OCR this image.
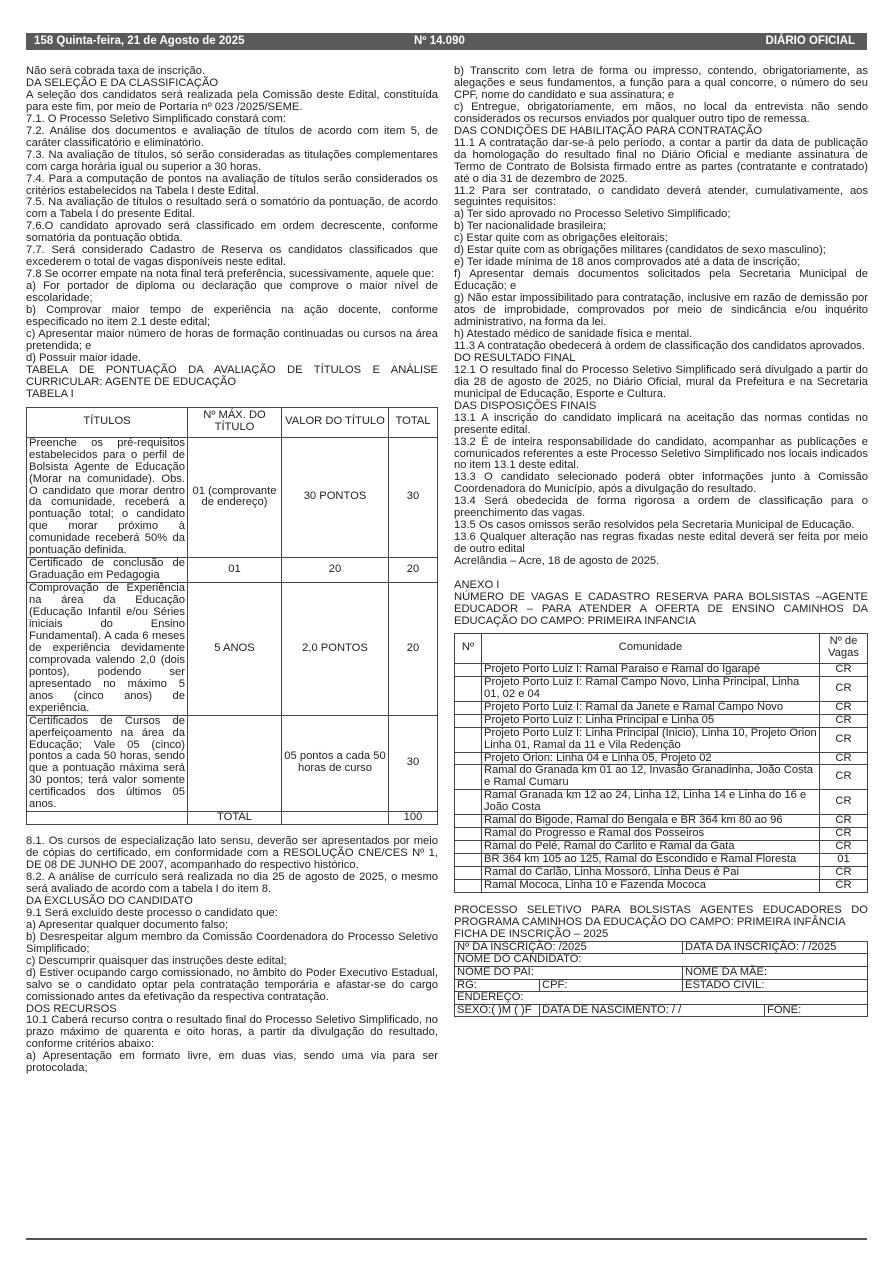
158 Quinta-feira, 21 de Agosto de 2025	Nº 14.090	DIÁRIO OFICIAL
Não será cobrada taxa de inscrição.
DA SELEÇÃO E DA CLASSIFICAÇÃO
A seleção dos candidatos será realizada pela Comissão deste Edital, constituída para este fim, por meio de Portaria nº 023 /2025/SEME.
7.1. O Processo Seletivo Simplificado constará com:
7.2. Análise dos documentos e avaliação de títulos de acordo com item 5, de caráter classificatório e eliminatório.
7.3. Na avaliação de títulos, só serão consideradas as titulações complementares com carga horária igual ou superior a 30 horas.
7.4. Para a computação de pontos na avaliação de títulos serão considerados os critérios estabelecidos na Tabela I deste Edital.
7.5. Na avaliação de títulos o resultado será o somatório da pontuação, de acordo com a Tabela I do presente Edital.
7.6.O candidato aprovado será classificado em ordem decrescente, conforme somatória da pontuação obtida.
7.7. Será considerado Cadastro de Reserva os candidatos classificados que excederem o total de vagas disponíveis neste edital.
7.8 Se ocorrer empate na nota final terá preferência, sucessivamente, aquele que:
a) For portador de diploma ou declaração que comprove o maior nível de escolaridade;
b) Comprovar maior tempo de experiência na ação docente, conforme especificado no item 2.1 deste edital;
c) Apresentar maior número de horas de formação continuadas ou cursos na área pretendida; e
d) Possuir maior idade.
TABELA DE PONTUAÇÃO DA AVALIAÇÃO DE TÍTULOS E ANÁLISE CURRICULAR: AGENTE DE EDUCAÇÃO
TABELA I
TÍTULOS	Nº MÁX. DO TÍTULO	VALOR DO TÍTULO	TOTAL
Preenche os pré-requisitos estabelecidos para o perfil de Bolsista Agente de Educação (Morar na comunidade). Obs. O candidato que morar dentro da comunidade, receberá a pontuação total; o candidato que morar próximo à comunidade receberá 50% da pontuação definida.	01 (comprovante de endereço)	30 PONTOS	30
Certificado de conclusão de Graduação em Pedagogia	01	20	20
Comprovação de Experiência na área da Educação (Educação Infantil e/ou Séries iniciais do Ensino Fundamental). A cada 6 meses de experiência devidamente comprovada valendo 2,0 (dois pontos), podendo ser apresentado no máximo 5 anos (cinco anos) de experiência.	5 ANOS	2,0 PONTOS	20
Certificados de Cursos de aperfeiçoamento na área da Educação; Vale 05 (cinco) pontos a cada 50 horas, sendo que a pontuação máxima será 30 pontos; terá valor somente certificados dos últimos 05 anos.		05 pontos a cada 50 horas de curso	30
	TOTAL		100
8.1. Os cursos de especialização lato sensu, deverão ser apresentados por meio de cópias do certificado, em conformidade com a RESOLUÇÃO CNE/CES Nº 1, DE 08 DE JUNHO DE 2007, acompanhado do respectivo histórico.
8.2. A análise de currículo será realizada no dia 25 de agosto de 2025, o mesmo será avaliado de acordo com a tabela I do item 8.
DA EXCLUSÃO DO CANDIDATO
9.1 Será excluído deste processo o candidato que:
a) Apresentar qualquer documento falso;
b) Desrespeitar algum membro da Comissão Coordenadora do Processo Seletivo Simplificado;
c) Descumprir quaisquer das instruções deste edital;
d) Estiver ocupando cargo comissionado, no âmbito do Poder Executivo Estadual, salvo se o candidato optar pela contratação temporária e afastar-se do cargo comissionado antes da efetivação da respectiva contratação.
DOS RECURSOS
10.1 Caberá recurso contra o resultado final do Processo Seletivo Simplificado, no prazo máximo de quarenta e oito horas, a partir da divulgação do resultado, conforme critérios abaixo:
a) Apresentação em formato livre, em duas vias, sendo uma via para ser protocolada;
b) Transcrito com letra de forma ou impresso, contendo, obrigatoriamente, as alegações e seus fundamentos, a função para a qual concorre, o número do seu CPF, nome do candidato e sua assinatura; e
c) Entregue, obrigatoriamente, em mãos, no local da entrevista não sendo considerados os recursos enviados por qualquer outro tipo de remessa.
DAS CONDIÇÕES DE HABILITAÇÃO PARA CONTRATAÇÃO
11.1 A contratação dar-se-á pelo período, a contar a partir da data de publicação da homologação do resultado final no Diário Oficial e mediante assinatura de Termo de Contrato de Bolsista firmado entre as partes (contratante e contratado) até o dia 31 de dezembro de 2025.
11.2 Para ser contratado, o candidato deverá atender, cumulativamente, aos seguintes requisitos:
a) Ter sido aprovado no Processo Seletivo Simplificado;
b) Ter nacionalidade brasileira;
c) Estar quite com as obrigações eleitorais;
d) Estar quite com as obrigações militares (candidatos de sexo masculino);
e) Ter idade mínima de 18 anos comprovados até a data de inscrição;
f) Apresentar demais documentos solicitados pela Secretaria Municipal de Educação; e
g) Não estar impossibilitado para contratação, inclusive em razão de demissão por atos de improbidade, comprovados por meio de sindicância e/ou inquérito administrativo, na forma da lei.
h) Atestado médico de sanidade física e mental.
11.3 A contratação obedecerá à ordem de classificação dos candidatos aprovados.
DO RESULTADO FINAL
12.1 O resultado final do Processo Seletivo Simplificado será divulgado a partir do dia 28 de agosto de 2025, no Diário Oficial, mural da Prefeitura e na Secretaria municipal de Educação, Esporte e Cultura.
DAS DISPOSIÇÕES FINAIS
13.1 A inscrição do candidato implicará na aceitação das normas contidas no presente edital.
13.2 É de inteira responsabilidade do candidato, acompanhar as publicações e comunicados referentes a este Processo Seletivo Simplificado nos locais indicados no item 13.1 deste edital.
13.3 O candidato selecionado poderá obter informações junto à Comissão Coordenadora do Município, após a divulgação do resultado.
13.4 Será obedecida de forma rigorosa a ordem de classificação para o preenchimento das vagas.
13.5 Os casos omissos serão resolvidos pela Secretaria Municipal de Educação.
13.6 Qualquer alteração nas regras fixadas neste edital deverá ser feita por meio de outro edital
Acrelândia – Acre, 18 de agosto de 2025.
ANEXO I
NÚMERO DE VAGAS E CADASTRO RESERVA PARA BOLSISTAS –AGENTE EDUCADOR – PARA ATENDER A OFERTA DE ENSINO CAMINHOS DA EDUCAÇÃO DO CAMPO: PRIMEIRA INFANCIA
Nº	Comunidade	Nº de Vagas
	Projeto Porto Luiz I: Ramal Paraiso e Ramal do Igarapé	CR
	Projeto Porto Luiz I: Ramal Campo Novo, Linha Principal, Linha 01, 02 e 04	CR
	Projeto Porto Luiz I: Ramal da Janete e Ramal Campo Novo	CR
	Projeto Porto Luiz I: Linha Principal e Linha 05	CR
	Projeto Porto Luiz I: Linha Principal (Inicio), Linha 10, Projeto Orion Linha 01, Ramal da 11 e Vila Redenção	CR
	Projeto Orion: Linha 04 e Linha 05, Projeto 02	CR
	Ramal do Granada km 01 ao 12, Invasão Granadinha, João Costa e Ramal Cumaru	CR
	Ramal Granada km 12 ao 24, Linha 12, Linha 14 e Linha do 16 e João Costa	CR
	Ramal do Bigode, Ramal do Bengala e BR 364 km 80 ao 96	CR
	Ramal do Progresso e Ramal dos Posseiros	CR
	Ramal do Pelé, Ramal do Carlito e Ramal da Gata	CR
	BR 364 km 105 ao 125, Ramal do Escondido e Ramal Floresta	01
	Ramal do Carlão, Linha Mossoró, Linha Deus é Pai	CR
	Ramal Mococa, Linha 10 e Fazenda Mococa	CR
PROCESSO SELETIVO PARA BOLSISTAS AGENTES EDUCADORES DO PROGRAMA CAMINHOS DA EDUCAÇÃO DO CAMPO: PRIMEIRA INFÂNCIA
FICHA DE INSCRIÇÃO – 2025
Nº DA INSCRIÇÃO: /2025		DATA DA INSCRIÇÃO: / /2025	
NOME DO CANDIDATO:			
NOME DO PAI:		NOME DA MÃE:	
RG:	CPF:	ESTADO CIVIL:	
ENDEREÇO:			
SEXO:( )M ( )F	DATA DE NASCIMENTO: / /		FONE:
